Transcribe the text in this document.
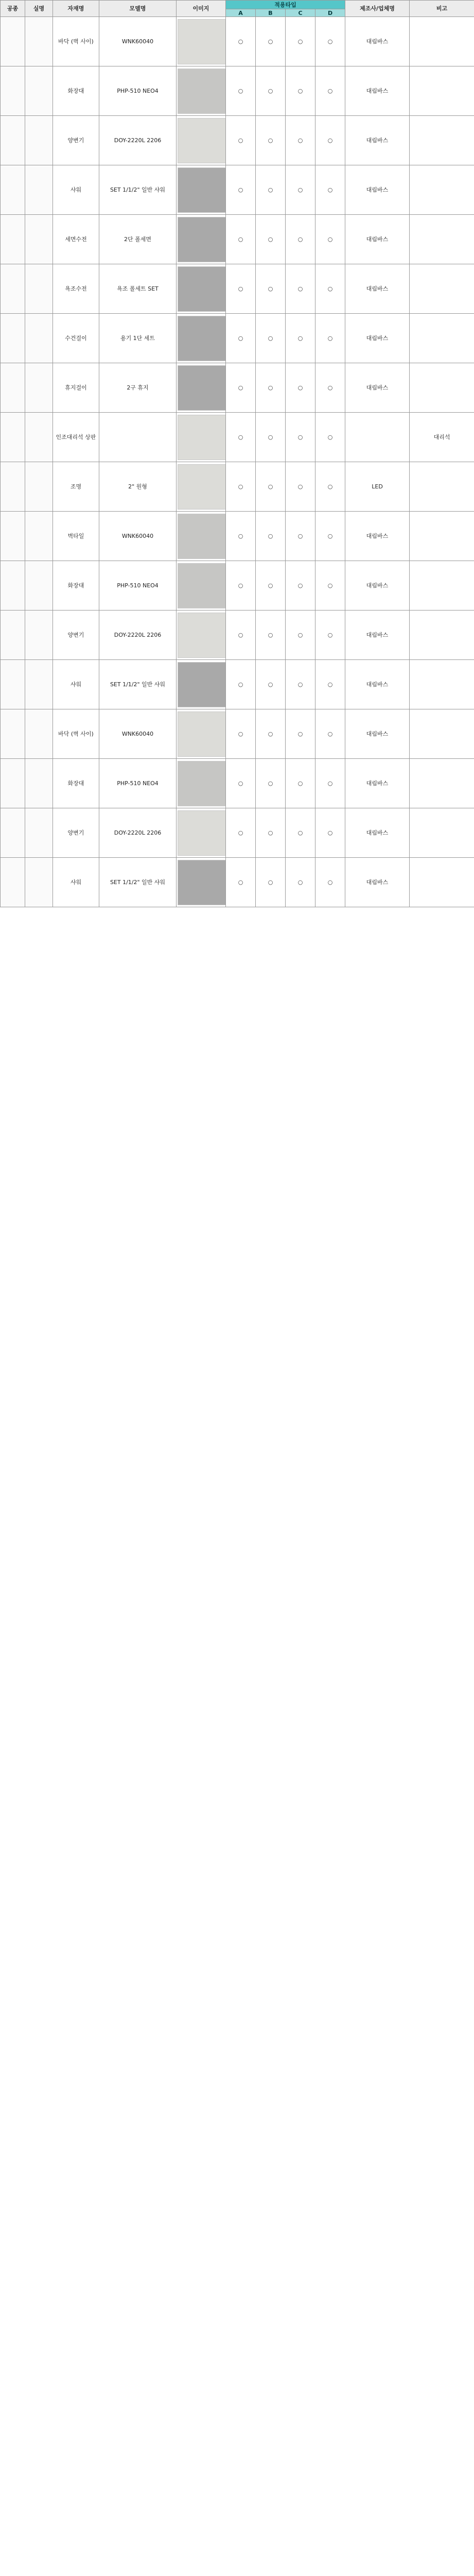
공종	실명	자재명	모델명	이미지	적용타입				제조사/업체명	비고
					A	B	C	D		
		바닥 (벽 사이)	WNK60040		○	○	○	○	대림바스	
		화장대	PHP-510 NEO4		○	○	○	○	대림바스	
		양변기	DOY-2220L 2206		○	○	○	○	대림바스	
		샤워	SET 1/1/2" 일반 샤워		○	○	○	○	대림바스	
		세면수전	2단 폴세면		○	○	○	○	대림바스	
		욕조수전	욕조 폴세트 SET		○	○	○	○	대림바스	
		수건걸이	용기 1단 세트		○	○	○	○	대림바스	
		휴지걸이	2구 휴지		○	○	○	○	대림바스	
		인조대리석 상판			○	○	○	○		대리석
		조명	2" 원형		○	○	○	○	LED	
		벽타일	WNK60040		○	○	○	○	대림바스	
		화장대	PHP-510 NEO4		○	○	○	○	대림바스	
		양변기	DOY-2220L 2206		○	○	○	○	대림바스	
		샤워	SET 1/1/2" 일반 샤워		○	○	○	○	대림바스	
		바닥 (벽 사이)	WNK60040		○	○	○	○	대림바스	
		화장대	PHP-510 NEO4		○	○	○	○	대림바스	
		양변기	DOY-2220L 2206		○	○	○	○	대림바스	
		샤워	SET 1/1/2" 일반 샤워		○	○	○	○	대림바스	
